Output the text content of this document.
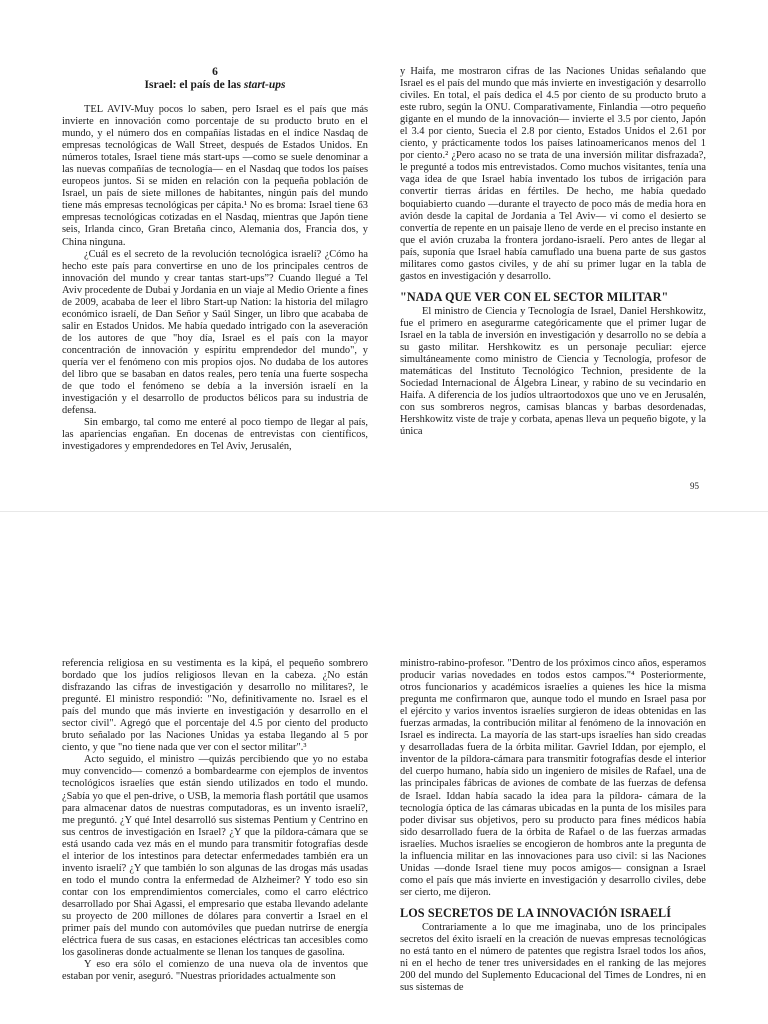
6
Israel: el país de las start-ups

TEL AVIV-Muy pocos lo saben, pero Israel es el país que más invierte en innovación como porcentaje de su producto bruto en el mundo, y el número dos en compañías listadas en el índice Nasdaq de empresas tecnológicas de Wall Street, después de Estados Unidos. En números totales, Israel tiene más start-ups —como se suele denominar a las nuevas compañías de tecnología— en el Nasdaq que todos los países europeos juntos. Si se miden en relación con la pequeña población de Israel, un país de siete millones de habitantes, ningún país del mundo tiene más empresas tecnológicas per cápita.¹ No es broma: Israel tiene 63 empresas tecnológicas cotizadas en el Nasdaq, mientras que Japón tiene seis, Irlanda cinco, Gran Bretaña cinco, Alemania dos, Francia dos, y China ninguna.

¿Cuál es el secreto de la revolución tecnológica israelí? ¿Cómo ha hecho este país para convertirse en uno de los principales centros de innovación del mundo y crear tantas start-ups”? Cuando llegué a Tel Aviv procedente de Dubai y Jordania en un viaje al Medio Oriente a fines de 2009, acababa de leer el libro Start-up Nation: la historia del milagro económico israelí, de Dan Señor y Saúl Singer, un libro que acababa de salir en Estados Unidos. Me había quedado intrigado con la aseveración de los autores de que "hoy día, Israel es el país con la mayor concentración de innovación y espíritu emprendedor del mundo", y quería ver el fenómeno con mis propios ojos. No dudaba de los autores del libro que se basaban en datos reales, pero tenía una fuerte sospecha de que todo el fenómeno se debía a la inversión israelí en la investigación y el desarrollo de productos bélicos para su industria de defensa.

Sin embargo, tal como me enteré al poco tiempo de llegar al país, las apariencias engañan. En docenas de entrevistas con científicos, investigadores y emprendedores en Tel Aviv, Jerusalén,

y Haifa, me mostraron cifras de las Naciones Unidas señalando que Israel es el país del mundo que más invierte en investigación y desarrollo civiles. En total, el país dedica el 4.5 por ciento de su producto bruto a este rubro, según la ONU. Comparativamente, Finlandia —otro pequeño gigante en el mundo de la innovación— invierte el 3.5 por ciento, Japón el 3.4 por ciento, Suecia el 2.8 por ciento, Estados Unidos el 2.61 por ciento, y prácticamente todos los países latinoamericanos menos del 1 por ciento.² ¿Pero acaso no se trata de una inversión militar disfrazada?, le pregunté a todos mis entrevistados. Como muchos visitantes, tenía una vaga idea de que Israel había inventado los tubos de irrigación para convertir tierras áridas en fértiles. De hecho, me había quedado boquiabierto cuando —durante el trayecto de poco más de media hora en avión desde la capital de Jordania a Tel Aviv— vi como el desierto se convertía de repente en un paisaje lleno de verde en el preciso instante en que el avión cruzaba la frontera jordano-israelí. Pero antes de llegar al país, suponía que Israel había camuflado una buena parte de sus gastos militares como gastos civiles, y de ahí su primer lugar en la tabla de gastos en investigación y desarrollo.

"NADA QUE VER CON EL SECTOR MILITAR"

El ministro de Ciencia y Tecnología de Israel, Daniel Hershkowitz, fue el primero en asegurarme categóricamente que el primer lugar de Israel en la tabla de inversión en investigación y desarrollo no se debía a su gasto militar. Hershkowitz es un personaje peculiar: ejerce simultáneamente como ministro de Ciencia y Tecnología, profesor de matemáticas del Instituto Tecnológico Technion, presidente de la Sociedad Internacional de Álgebra Linear, y rabino de su vecindario en Haifa. A diferencia de los judíos ultraortodoxos que uno ve en Jerusalén, con sus sombreros negros, camisas blancas y barbas desordenadas, Hershkowitz viste de traje y corbata, apenas lleva un pequeño bigote, y la única

95

referencia religiosa en su vestimenta es la kipá, el pequeño sombrero bordado que los judíos religiosos llevan en la cabeza. ¿No están disfrazando las cifras de investigación y desarrollo no militares?, le pregunté. El ministro respondió: "No, definitivamente no. Israel es el país del mundo que más invierte en investigación y desarrollo en el sector civil". Agregó que el porcentaje del 4.5 por ciento del producto bruto señalado por las Naciones Unidas ya estaba llegando al 5 por ciento, y que "no tiene nada que ver con el sector militar".³

Acto seguido, el ministro —quizás percibiendo que yo no estaba muy convencido— comenzó a bombardearme con ejemplos de inventos tecnológicos israelíes que están siendo utilizados en todo el mundo. ¿Sabía yo que el pen-drive, o USB, la memoria flash portátil que usamos para almacenar datos de nuestras computadoras, es un invento israelí?, me preguntó. ¿Y qué Intel desarrolló sus sistemas Pentium y Centrino en sus centros de investigación en Israel? ¿Y que la píldora-cámara que se está usando cada vez más en el mundo para transmitir fotografías desde el interior de los intestinos para detectar enfermedades también era un invento israelí? ¿Y que también lo son algunas de las drogas más usadas en todo el mundo contra la enfermedad de Alzheimer? Y todo eso sin contar con los emprendimientos comerciales, como el carro eléctrico desarrollado por Shai Agassi, el empresario que estaba llevando adelante su proyecto de 200 millones de dólares para convertir a Israel en el primer país del mundo con automóviles que puedan nutrirse de energía eléctrica fuera de sus casas, en estaciones eléctricas tan accesibles como los gasolineras donde actualmente se llenan los tanques de gasolina.

Y eso era sólo el comienzo de una nueva ola de inventos que estaban por venir, aseguró. "Nuestras prioridades actualmente son

ministro-rabino-profesor. "Dentro de los próximos cinco años, esperamos producir varias novedades en todos estos campos."⁴ Posteriormente, otros funcionarios y académicos israelíes a quienes les hice la misma pregunta me confirmaron que, aunque todo el mundo en Israel pasa por el ejército y varios inventos israelíes surgieron de ideas obtenidas en las fuerzas armadas, la contribución militar al fenómeno de la innovación en Israel es indirecta. La mayoría de las start-ups israelíes han sido creadas y desarrolladas fuera de la órbita militar. Gavriel Iddan, por ejemplo, el inventor de la píldora-cámara para transmitir fotografías desde el interior del cuerpo humano, había sido un ingeniero de misiles de Rafael, una de las principales fábricas de aviones de combate de las fuerzas de defensa de Israel. Iddan había sacado la idea para la píldora- cámara de la tecnología óptica de las cámaras ubicadas en la punta de los misiles para poder divisar sus objetivos, pero su producto para fines médicos había sido desarrollado fuera de la órbita de Rafael o de las fuerzas armadas israelíes. Muchos israelíes se encogieron de hombros ante la pregunta de la influencia militar en las innovaciones para uso civil: si las Naciones Unidas —donde Israel tiene muy pocos amigos— consignan a Israel como el país que más invierte en investigación y desarrollo civiles, debe ser cierto, me dijeron.

LOS SECRETOS DE LA INNOVACIÓN ISRAELÍ

Contrariamente a lo que me imaginaba, uno de los principales secretos del éxito israelí en la creación de nuevas empresas tecnológicas no está tanto en el número de patentes que registra Israel todos los años, ni en el hecho de tener tres universidades en el ranking de las mejores 200 del mundo del Suplemento Educacional del Times de Londres, ni en sus sistemas de
